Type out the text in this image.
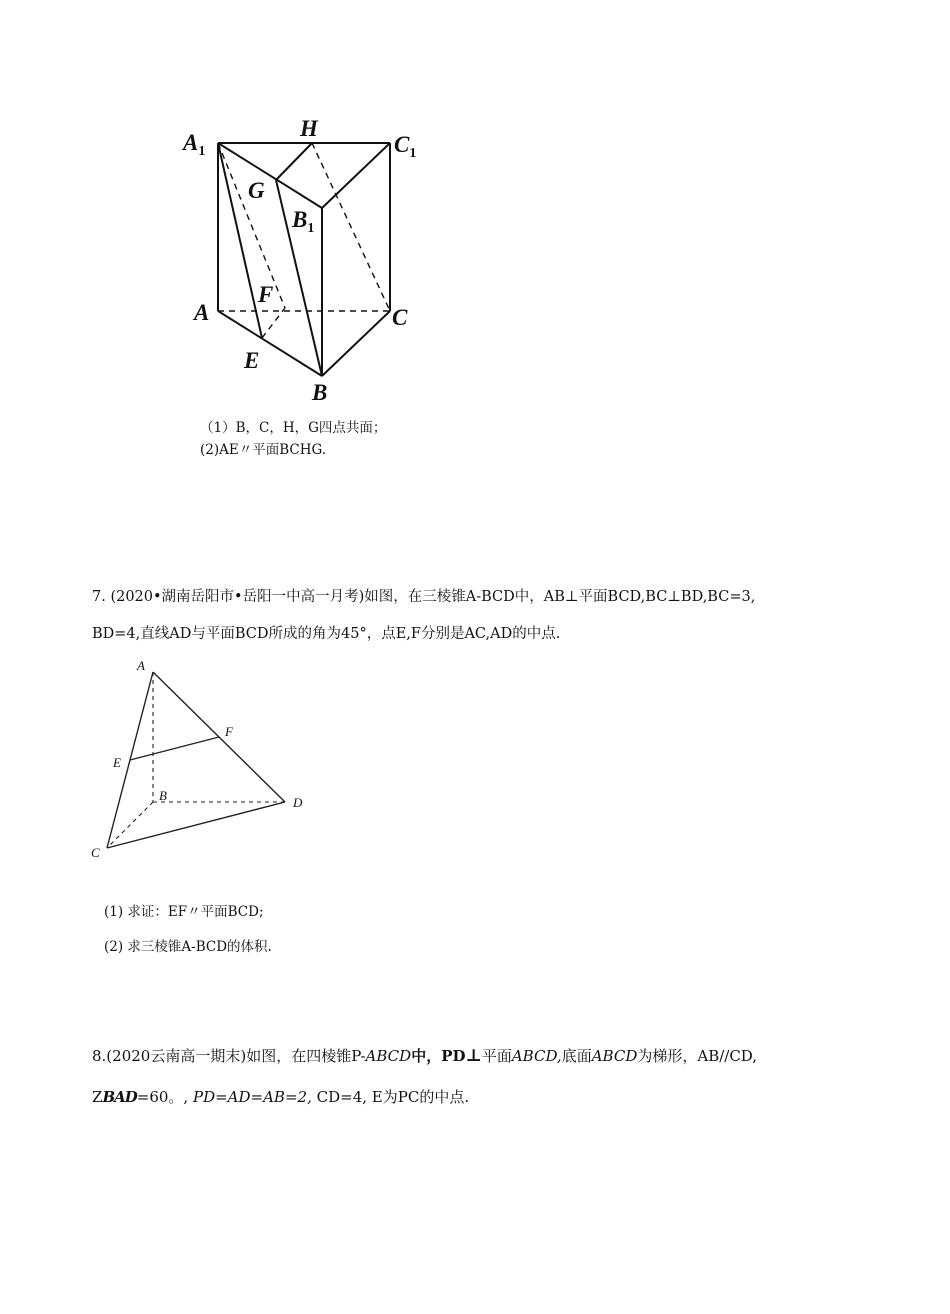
$A_1$
H
$C_1$
G
$B_1$
F
A	C
E
B
（1）B，C，H，G四点共面；
(2)AE〃平面BCHG.
7. (2020•湖南岳阳市•岳阳一中高一月考)如图，在三棱锥A-BCD中，AB⊥平面BCD,BC⊥BD,BC=3,
BD=4,直线AD与平面BCD所成的角为45°，点E,F分别是AC,AD的中点.
A
F
E
B	D
C
(1) 求证：EF〃平面BCD;
(2) 求三棱锥A-BCD的体积.
8.(2020云南高一期末)如图，在四棱锥P-ABCD中，PD⊥平面ABCD,底面ABCD为梯形，AB//CD,
ZBAD=60。, PD=AD=AB=2, CD=4, E为PC的中点.
